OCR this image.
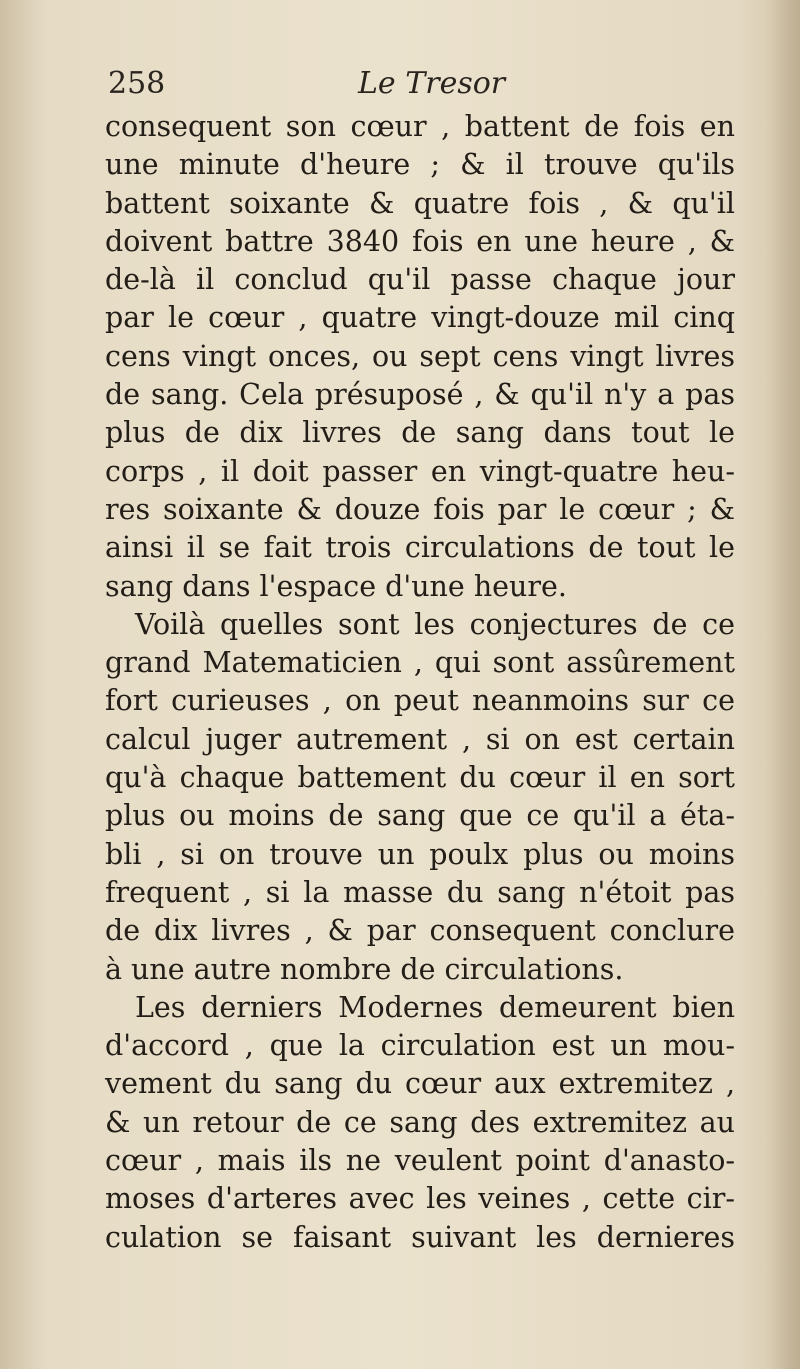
258	Le Tresor
consequent son cœur , battent de fois en
une minute d'heure ; & il trouve qu'ils
battent soixante & quatre fois , & qu'il
doivent battre 3840 fois en une heure , &
de-là il conclud qu'il passe chaque jour
par le cœur , quatre vingt-douze mil cinq
cens vingt onces, ou sept cens vingt livres
de sang. Cela présuposé , & qu'il n'y a pas
plus de dix livres de sang dans tout le
corps , il doit passer en vingt-quatre heu-
res soixante & douze fois par le cœur ; &
ainsi il se fait trois circulations de tout le
sang dans l'espace d'une heure.
Voilà quelles sont les conjectures de ce
grand Matematicien , qui sont assûrement
fort curieuses , on peut neanmoins sur ce
calcul juger autrement , si on est certain
qu'à chaque battement du cœur il en sort
plus ou moins de sang que ce qu'il a éta-
bli , si on trouve un poulx plus ou moins
frequent , si la masse du sang n'étoit pas
de dix livres , & par consequent conclure
à une autre nombre de circulations.
Les derniers Modernes demeurent bien
d'accord , que la circulation est un mou-
vement du sang du cœur aux extremitez ,
& un retour de ce sang des extremitez au
cœur , mais ils ne veulent point d'anasto-
moses d'arteres avec les veines , cette cir-
culation se faisant suivant les dernieres
